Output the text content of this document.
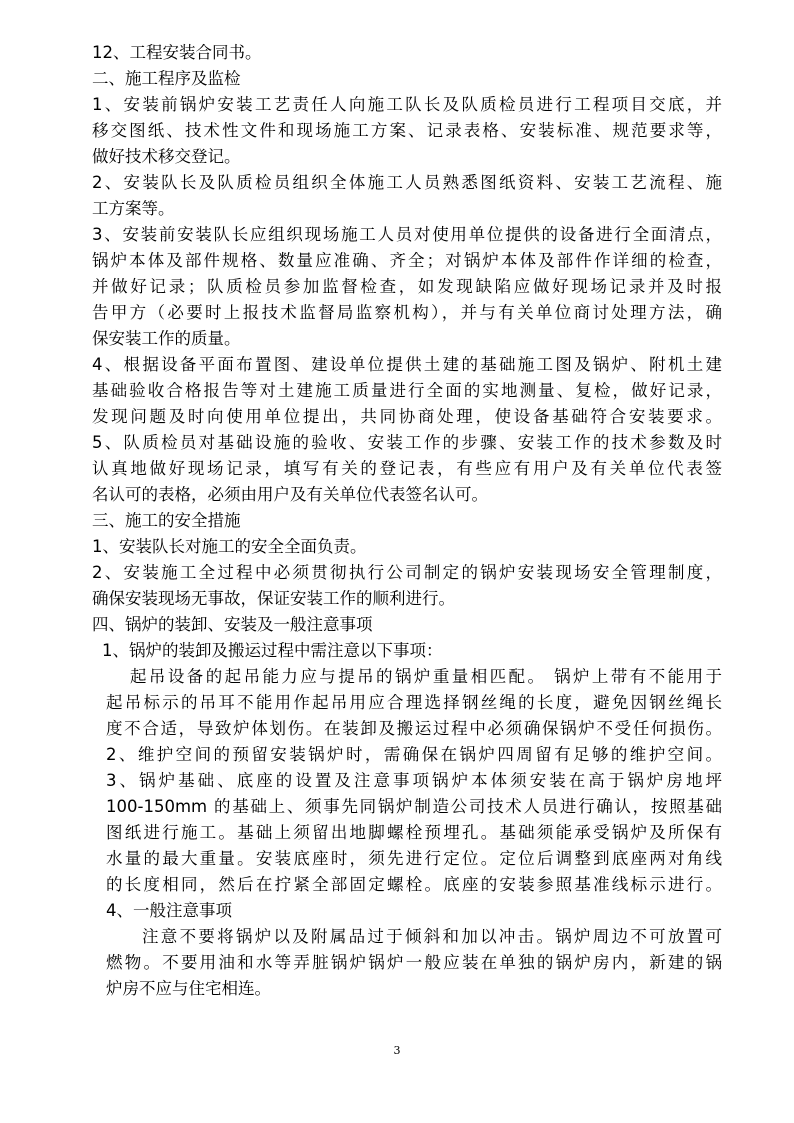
12、工程安装合同书。
二、施工程序及监检
1、安装前锅炉安装工艺责任人向施工队长及队质检员进行工程项目交底，并
移交图纸、技术性文件和现场施工方案、记录表格、安装标准、规范要求等，
做好技术移交登记。
2、安装队长及队质检员组织全体施工人员熟悉图纸资料、安装工艺流程、施
工方案等。
3、安装前安装队长应组织现场施工人员对使用单位提供的设备进行全面清点，
锅炉本体及部件规格、数量应准确、齐全；对锅炉本体及部件作详细的检查，
并做好记录；队质检员参加监督检查，如发现缺陷应做好现场记录并及时报
告甲方（必要时上报技术监督局监察机构），并与有关单位商讨处理方法，确
保安装工作的质量。
4、根据设备平面布置图、建设单位提供土建的基础施工图及锅炉、附机土建
基础验收合格报告等对土建施工质量进行全面的实地测量、复检，做好记录，
发现问题及时向使用单位提出，共同协商处理，使设备基础符合安装要求。
5、队质检员对基础设施的验收、安装工作的步骤、安装工作的技术参数及时
认真地做好现场记录，填写有关的登记表，有些应有用户及有关单位代表签
名认可的表格，必须由用户及有关单位代表签名认可。
三、施工的安全措施
1、安装队长对施工的安全全面负责。
2、安装施工全过程中必须贯彻执行公司制定的锅炉安装现场安全管理制度，
确保安装现场无事故，保证安装工作的顺利进行。
四、锅炉的装卸、安装及一般注意事项
1、锅炉的装卸及搬运过程中需注意以下事项：
起吊设备的起吊能力应与提吊的锅炉重量相匹配。 锅炉上带有不能用于
起吊标示的吊耳不能用作起吊用应合理选择钢丝绳的长度，避免因钢丝绳长
度不合适，导致炉体划伤。在装卸及搬运过程中必须确保锅炉不受任何损伤。
2、维护空间的预留安装锅炉时，需确保在锅炉四周留有足够的维护空间。
3、锅炉基础、底座的设置及注意事项锅炉本体须安装在高于锅炉房地坪
100-150mm 的基础上、须事先同锅炉制造公司技术人员进行确认，按照基础
图纸进行施工。基础上须留出地脚螺栓预埋孔。基础须能承受锅炉及所保有
水量的最大重量。安装底座时，须先进行定位。定位后调整到底座两对角线
的长度相同，然后在拧紧全部固定螺栓。底座的安装参照基准线标示进行。
4、一般注意事项
注意不要将锅炉以及附属品过于倾斜和加以冲击。锅炉周边不可放置可
燃物。不要用油和水等弄脏锅炉锅炉一般应装在单独的锅炉房内，新建的锅
炉房不应与住宅相连。
3
